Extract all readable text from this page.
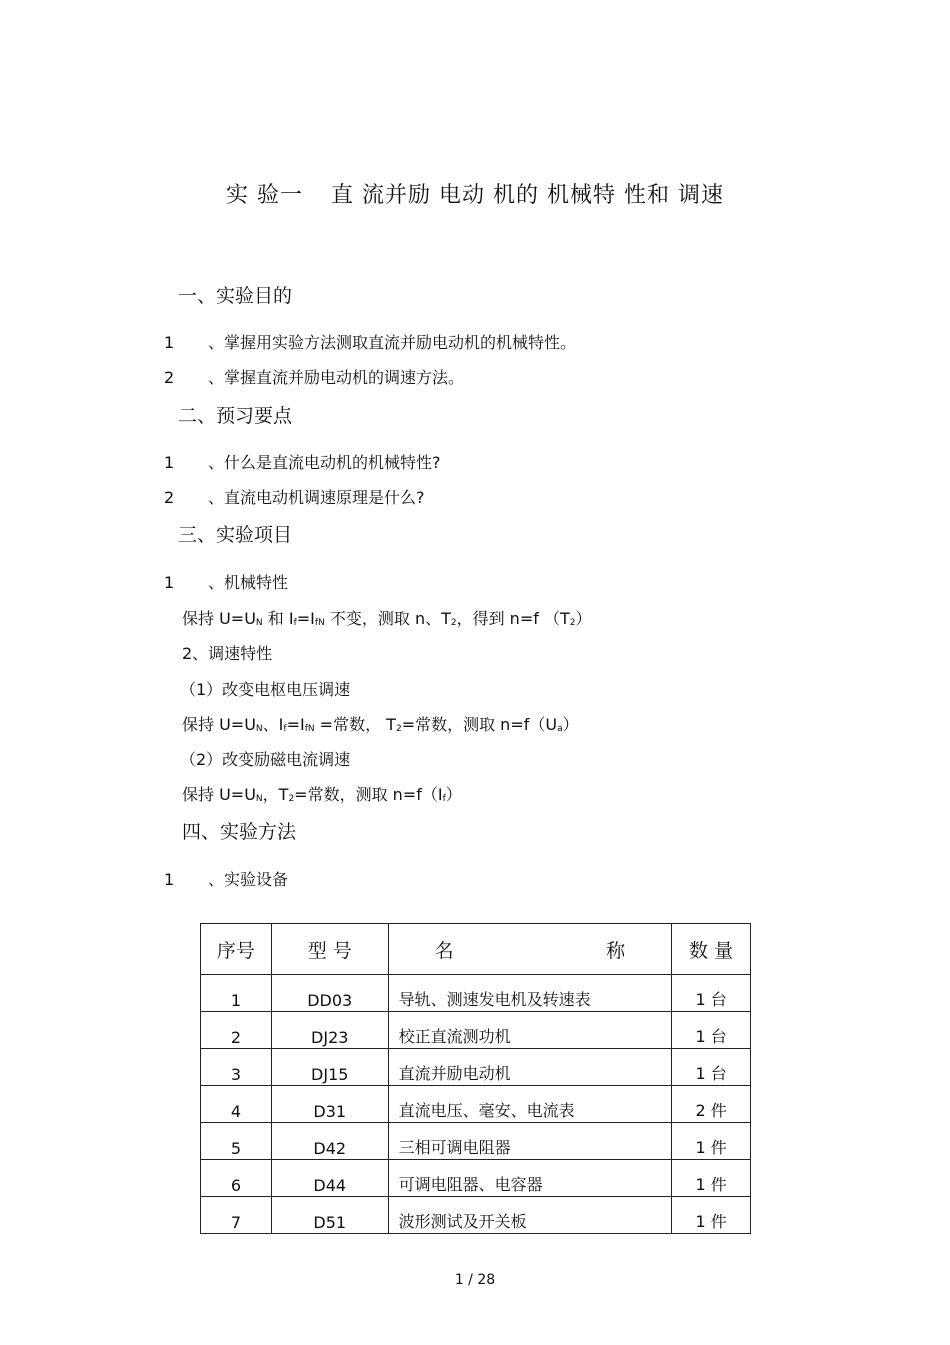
实 验一 直 流并励 电动 机的 机械特 性和 调速
一、实验目的
1 、掌握用实验方法测取直流并励电动机的机械特性。
2 、掌握直流并励电动机的调速方法。
二、预习要点
1 、什么是直流电动机的机械特性?
2 、直流电动机调速原理是什么?
三、实验项目
1 、机械特性
保持 $U=U_N$ 和 $I_f=I_{fN}$ 不变，测取 n、$T_2$，得到 n=f $(T_2)$
2、调速特性
（1）改变电枢电压调速
保持 $U=U_N$、$I_f=I_{fN}$ =常数， $T_2=$常数，测取 $n=f(U_a)$
（2）改变励磁电流调速
保持 $U=U_N$，$T_2=$常数，测取 $n=f(I_f)$
四、实验方法
1 、实验设备
序号	型 号	名 称	数 量
1	DD03	导轨、测速发电机及转速表	1 台
2	DJ23	校正直流测功机	1 台
3	DJ15	直流并励电动机	1 台
4	D31	直流电压、毫安、电流表	2 件
5	D42	三相可调电阻器	1 件
6	D44	可调电阻器、电容器	1 件
7	D51	波形测试及开关板	1 件
1 / 28
